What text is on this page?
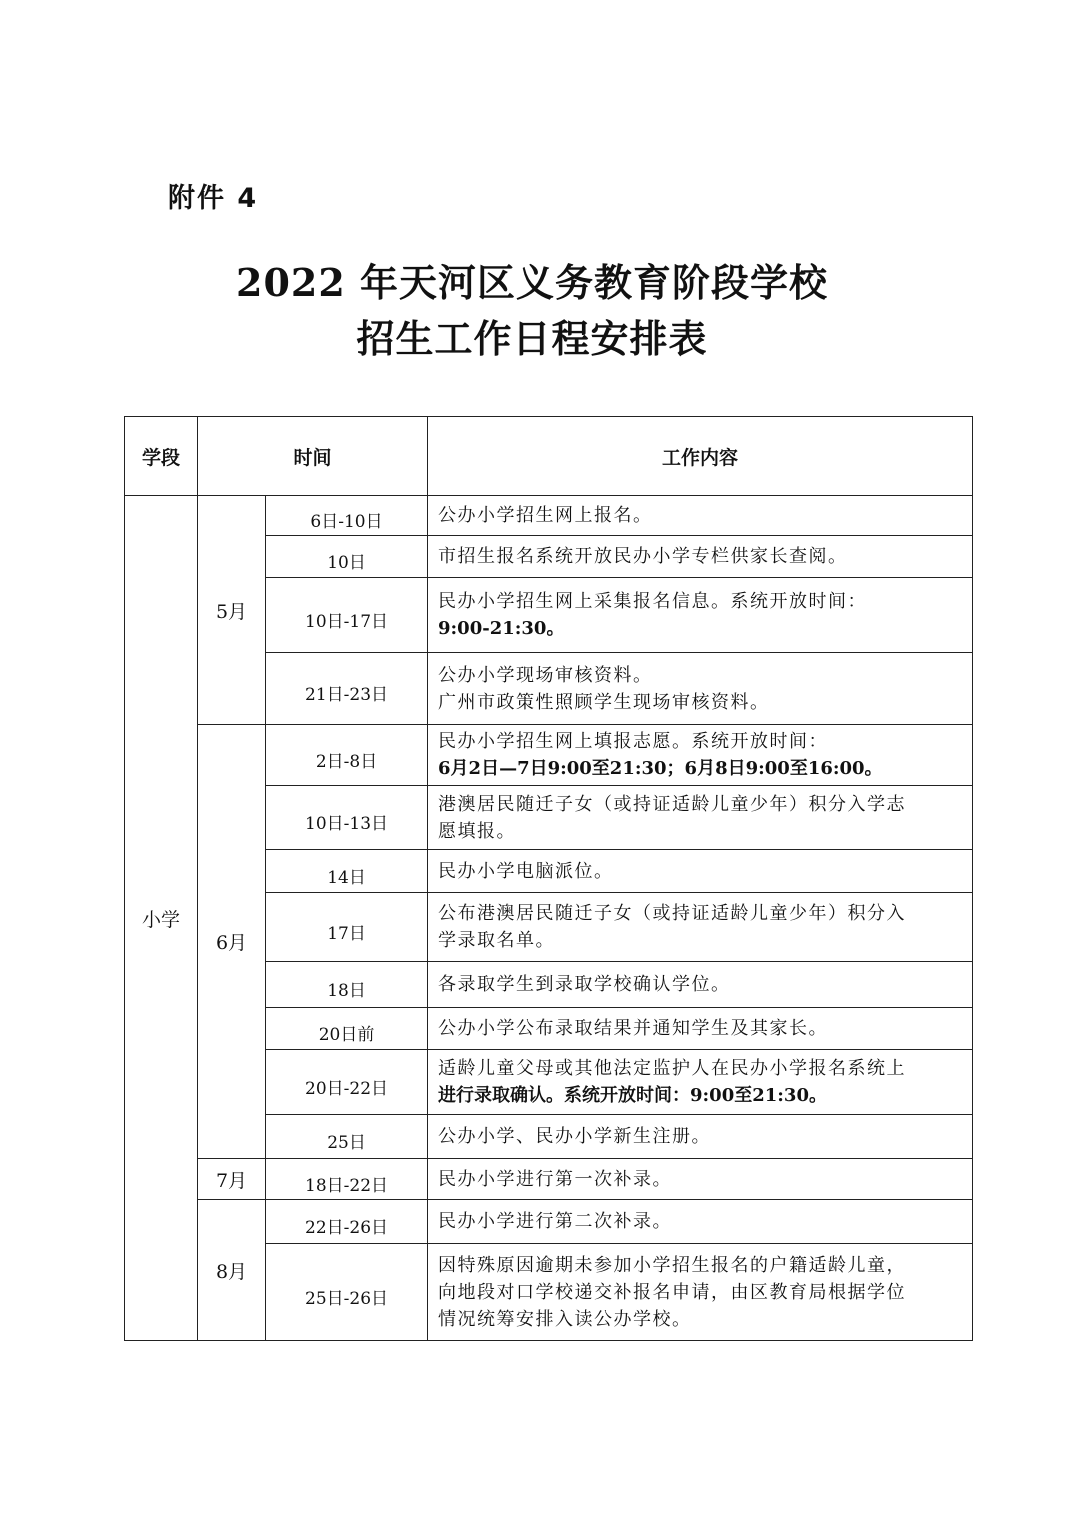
附件 4
2022 年天河区义务教育阶段学校
招生工作日程安排表
学段	时间		工作内容
小学	5月	6日-10日	公办小学招生网上报名。

		10日	市招生报名系统开放民办小学专栏供家长查阅。

		10日-17日	民办小学招生网上采集报名信息。系统开放时间：
9:00-21:30。

		21日-23日	公办小学现场审核资料。
广州市政策性照顾学生现场审核资料。

	6月	2日-8日	民办小学招生网上填报志愿。系统开放时间：
6月2日—7日9:00至21:30；6月8日9:00至16:00。

		10日-13日	港澳居民随迁子女（或持证适龄儿童少年）积分入学志
愿填报。

		14日	民办小学电脑派位。

		17日	公布港澳居民随迁子女（或持证适龄儿童少年）积分入
学录取名单。

		18日	各录取学生到录取学校确认学位。

		20日前	公办小学公布录取结果并通知学生及其家长。

		20日-22日	适龄儿童父母或其他法定监护人在民办小学报名系统上
进行录取确认。系统开放时间：9:00至21:30。

		25日	公办小学、民办小学新生注册。

	7月	18日-22日	民办小学进行第一次补录。

	8月	22日-26日	民办小学进行第二次补录。

		25日-26日	因特殊原因逾期未参加小学招生报名的户籍适龄儿童，
向地段对口学校递交补报名申请，由区教育局根据学位
情况统筹安排入读公办学校。
